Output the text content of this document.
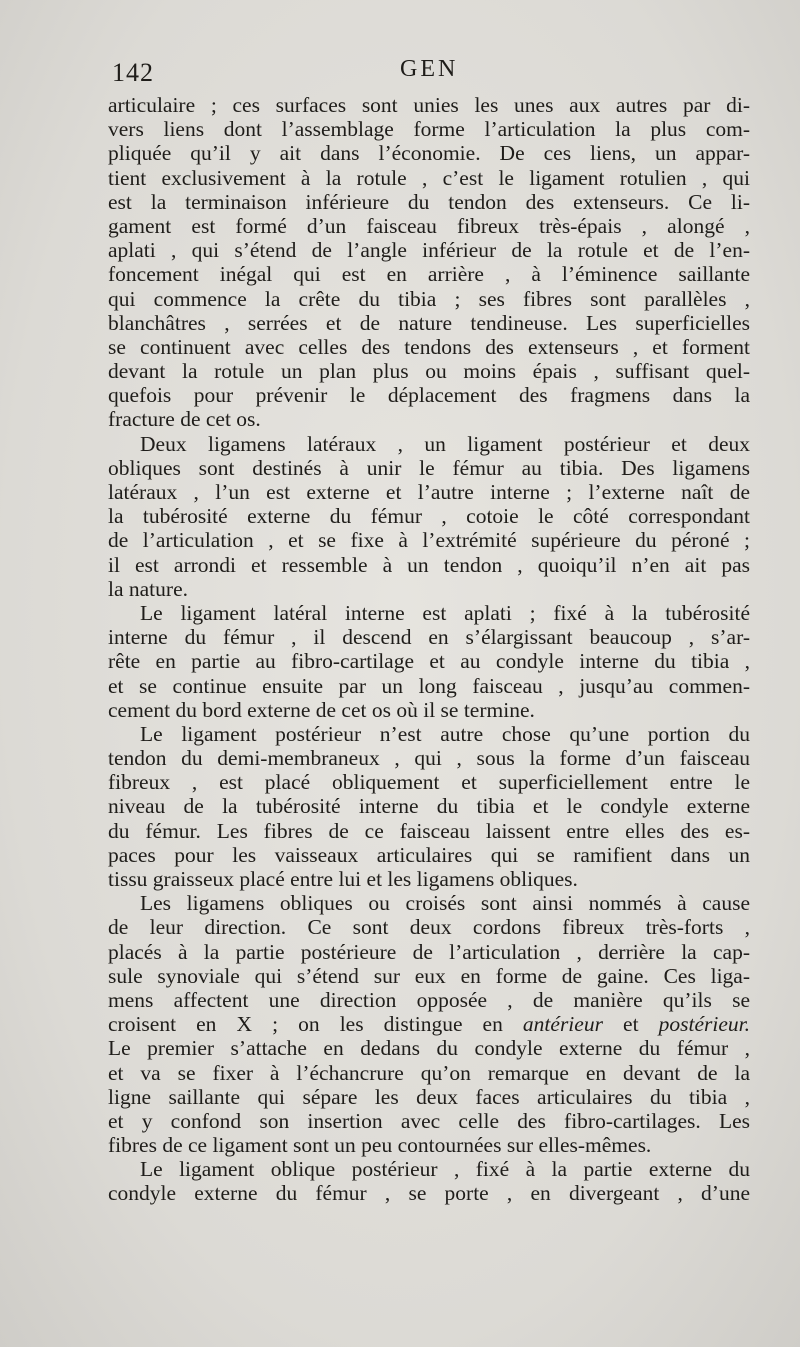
142	GEN
articulaire ; ces surfaces sont unies les unes aux autres par di-
vers liens dont l’assemblage forme l’articulation la plus com-
pliquée qu’il y ait dans l’économie. De ces liens, un appar-
tient exclusivement à la rotule , c’est le ligament rotulien , qui
est la terminaison inférieure du tendon des extenseurs. Ce li-
gament est formé d’un faisceau fibreux très-épais , alongé ,
aplati , qui s’étend de l’angle inférieur de la rotule et de l’en-
foncement inégal qui est en arrière , à l’éminence saillante
qui commence la crête du tibia ; ses fibres sont parallèles ,
blanchâtres , serrées et de nature tendineuse. Les superficielles
se continuent avec celles des tendons des extenseurs , et forment
devant la rotule un plan plus ou moins épais , suffisant quel-
quefois pour prévenir le déplacement des fragmens dans la
fracture de cet os.
Deux ligamens latéraux , un ligament postérieur et deux
obliques sont destinés à unir le fémur au tibia. Des ligamens
latéraux , l’un est externe et l’autre interne ; l’externe naît de
la tubérosité externe du fémur , cotoie le côté correspondant
de l’articulation , et se fixe à l’extrémité supérieure du péroné ;
il est arrondi et ressemble à un tendon , quoiqu’il n’en ait pas
la nature.
Le ligament latéral interne est aplati ; fixé à la tubérosité
interne du fémur , il descend en s’élargissant beaucoup , s’ar-
rête en partie au fibro-cartilage et au condyle interne du tibia ,
et se continue ensuite par un long faisceau , jusqu’au commen-
cement du bord externe de cet os où il se termine.
Le ligament postérieur n’est autre chose qu’une portion du
tendon du demi-membraneux , qui , sous la forme d’un faisceau
fibreux , est placé obliquement et superficiellement entre le
niveau de la tubérosité interne du tibia et le condyle externe
du fémur. Les fibres de ce faisceau laissent entre elles des es-
paces pour les vaisseaux articulaires qui se ramifient dans un
tissu graisseux placé entre lui et les ligamens obliques.
Les ligamens obliques ou croisés sont ainsi nommés à cause
de leur direction. Ce sont deux cordons fibreux très-forts ,
placés à la partie postérieure de l’articulation , derrière la cap-
sule synoviale qui s’étend sur eux en forme de gaine. Ces liga-
mens affectent une direction opposée , de manière qu’ils se
croisent en X ; on les distingue en antérieur et postérieur.
Le premier s’attache en dedans du condyle externe du fémur ,
et va se fixer à l’échancrure qu’on remarque en devant de la
ligne saillante qui sépare les deux faces articulaires du tibia ,
et y confond son insertion avec celle des fibro-cartilages. Les
fibres de ce ligament sont un peu contournées sur elles-mêmes.
Le ligament oblique postérieur , fixé à la partie externe du
condyle externe du fémur , se porte , en divergeant , d’une
